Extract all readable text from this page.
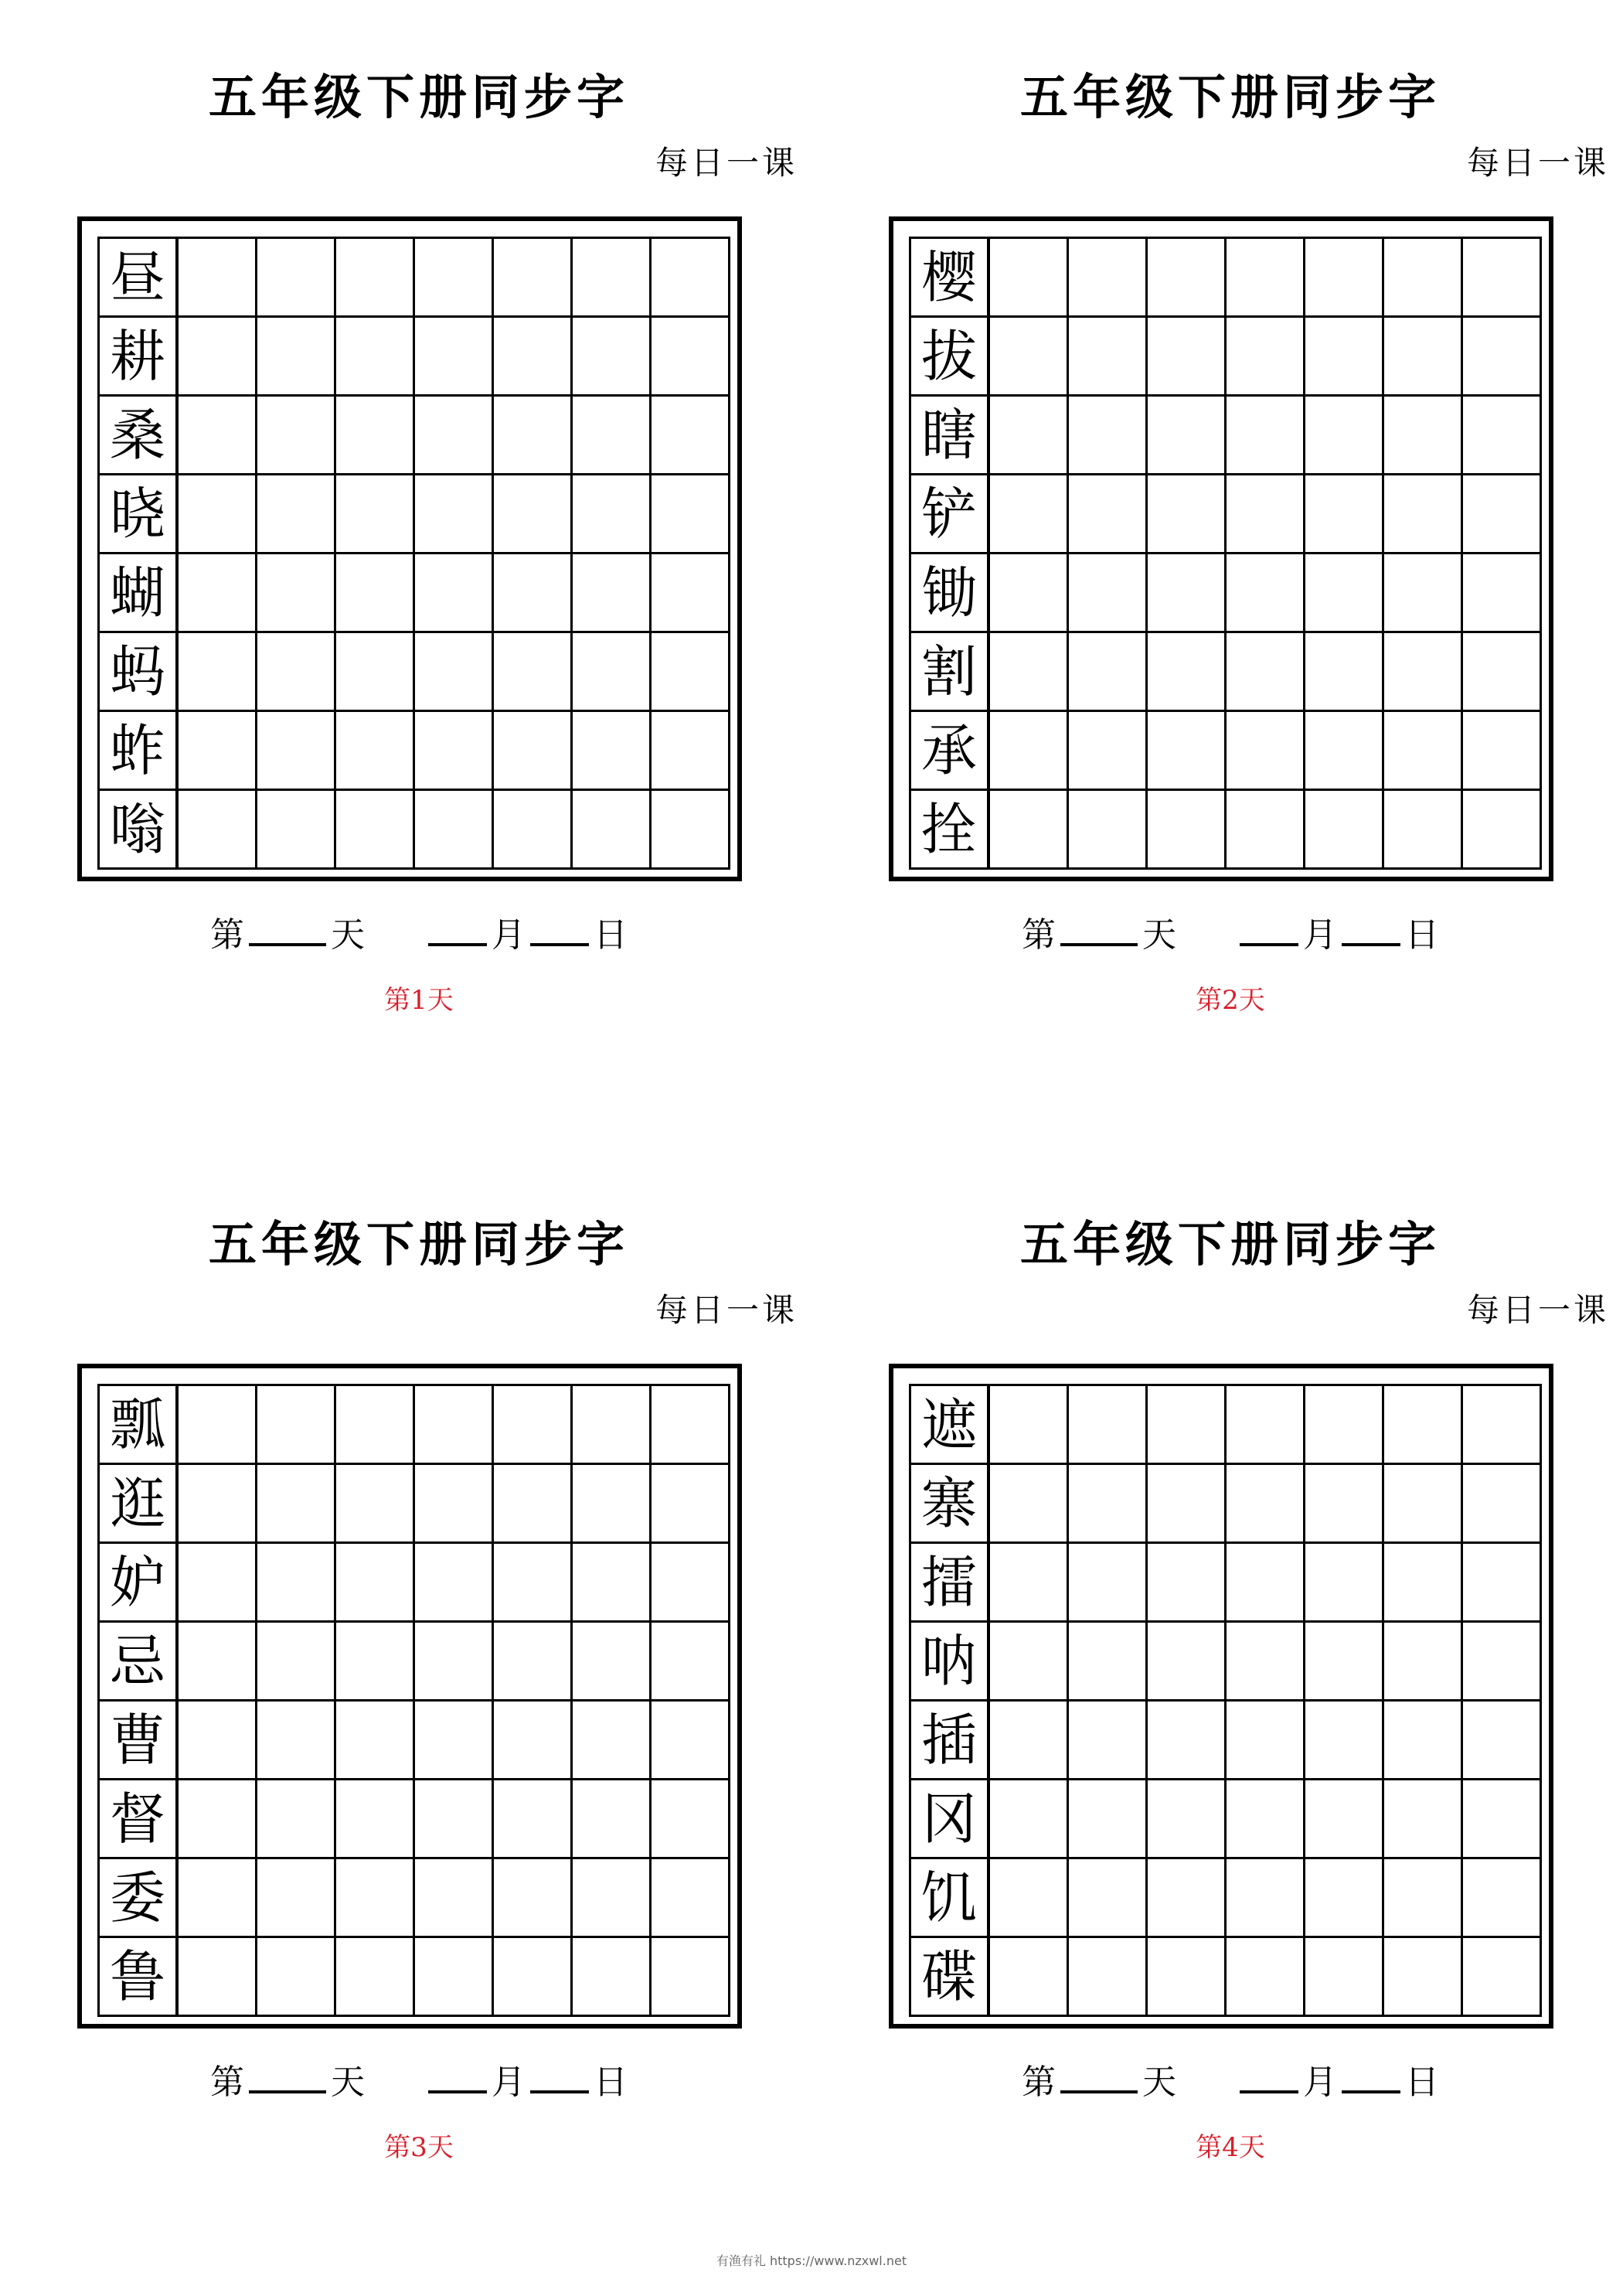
五年级下册同步字
每日一课
昼
耕
桑
晓
蝴
蚂
蚱
嗡
第	天	月 日
第1天
五年级下册同步字
每日一课
樱
拔
瞎
铲
锄
割
承
拴
第	天	月 日
第2天
五年级下册同步字
每日一课
瓢
逛
妒
忌
曹
督
委
鲁
第	天	月 日
第3天
五年级下册同步字
每日一课
遮
寨
擂
呐
插
冈
饥
碟
第	天	月 日
第4天
有渔有礼 https://www.nzxwl.net
